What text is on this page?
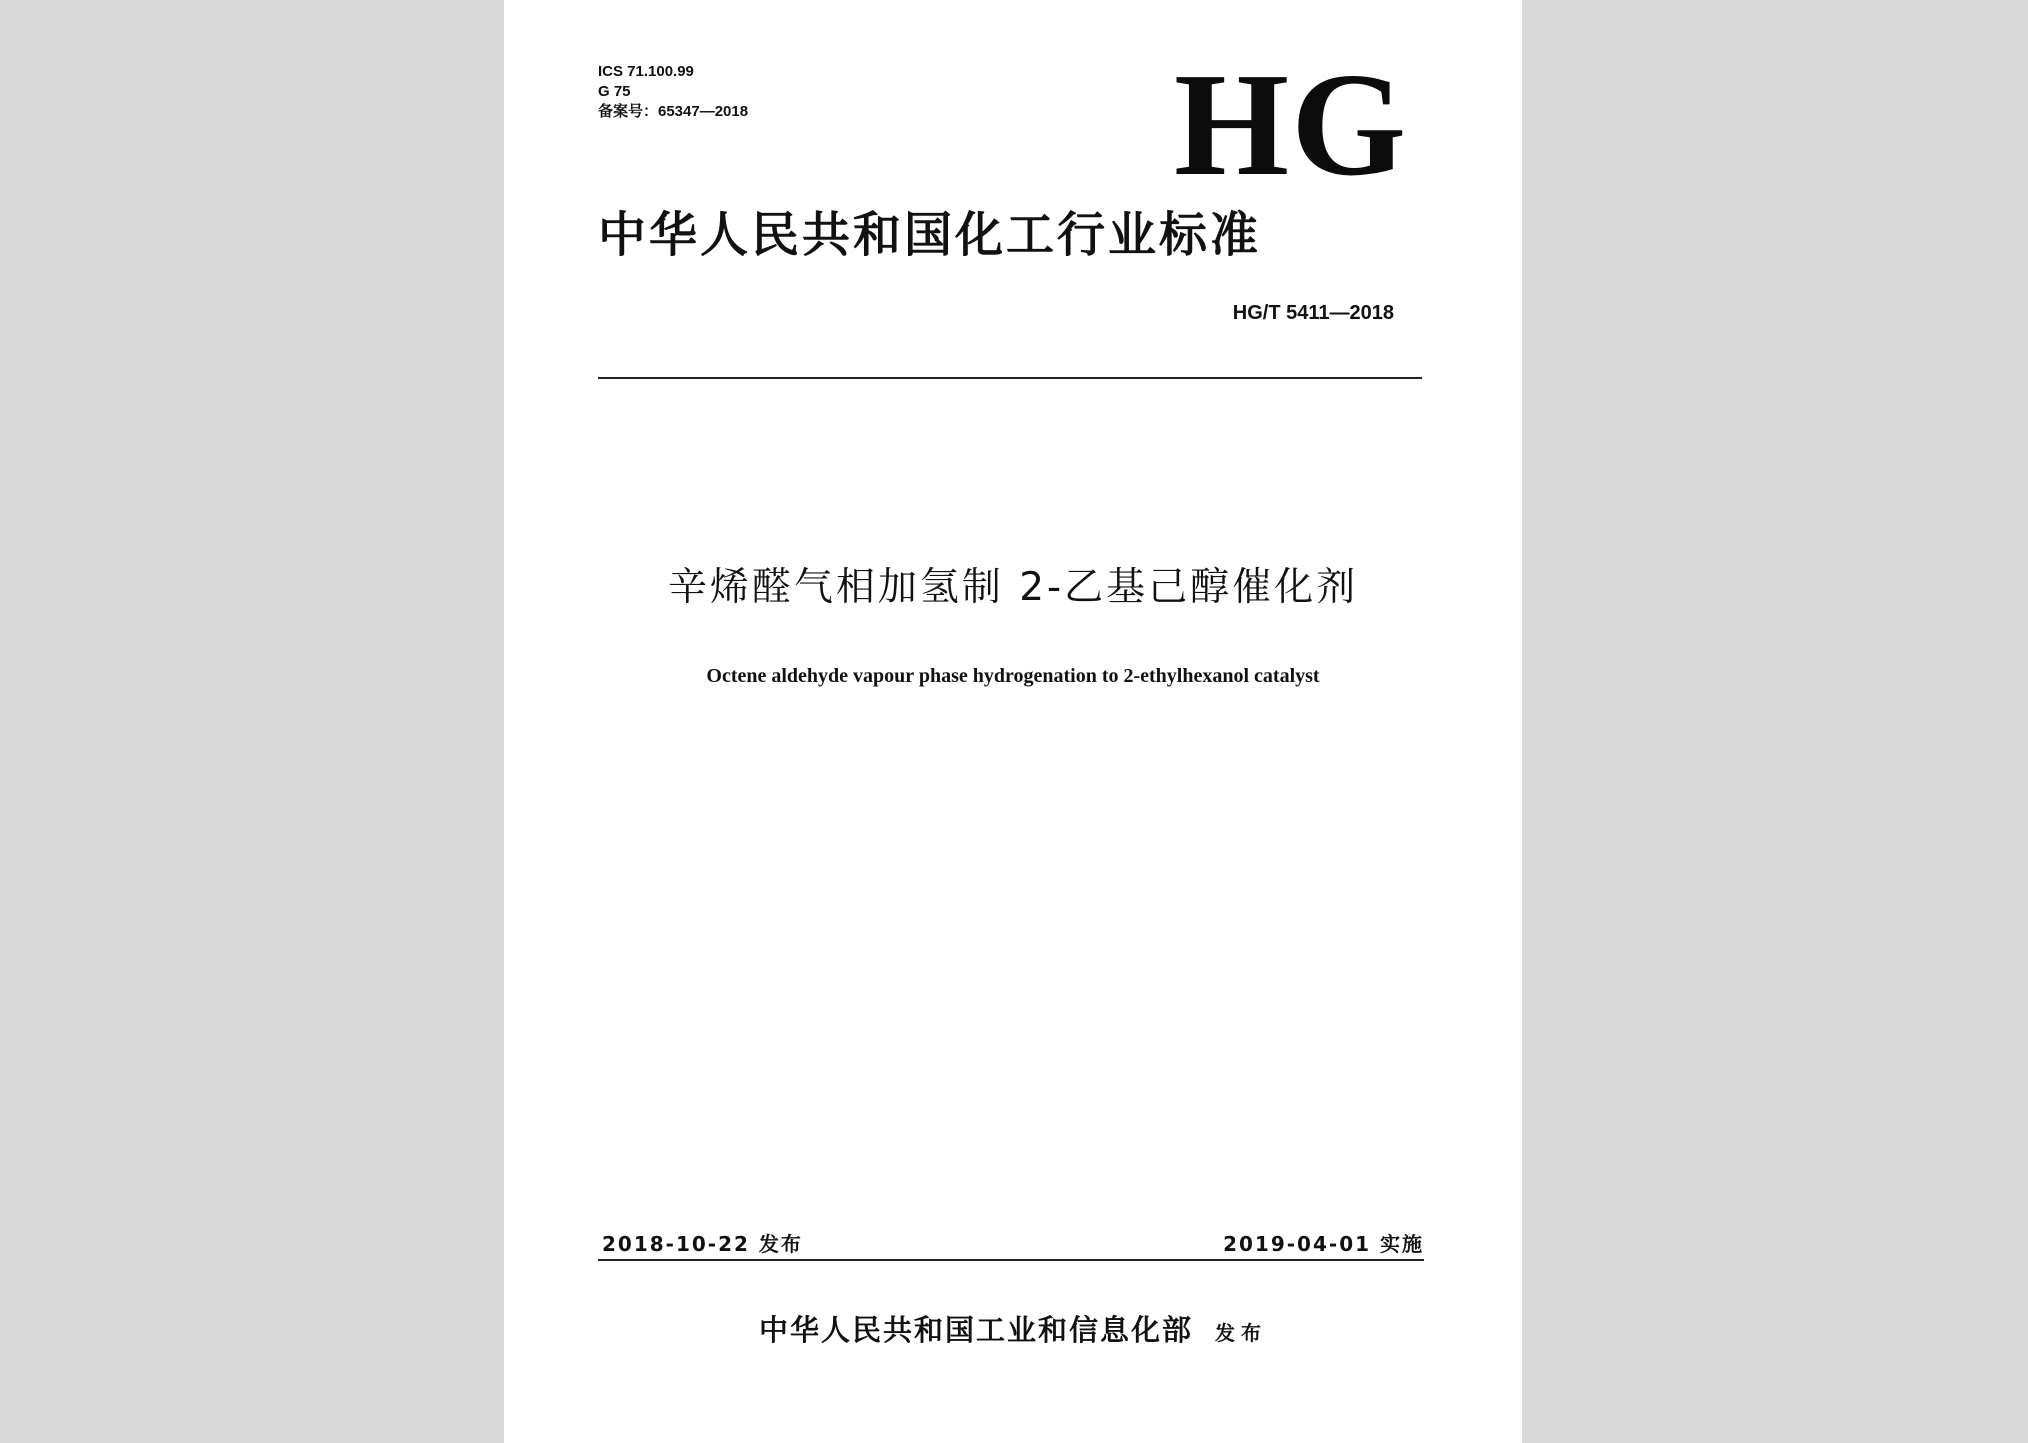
ICS 71.100.99
G 75
备案号：65347—2018	HG
中华人民共和国化工行业标准
HG/T 5411—2018
辛烯醛气相加氢制 2-乙基己醇催化剂
Octene aldehyde vapour phase hydrogenation to 2-ethylhexanol catalyst
2018-10-22 发布	2019-04-01 实施
中华人民共和国工业和信息化部 发布
